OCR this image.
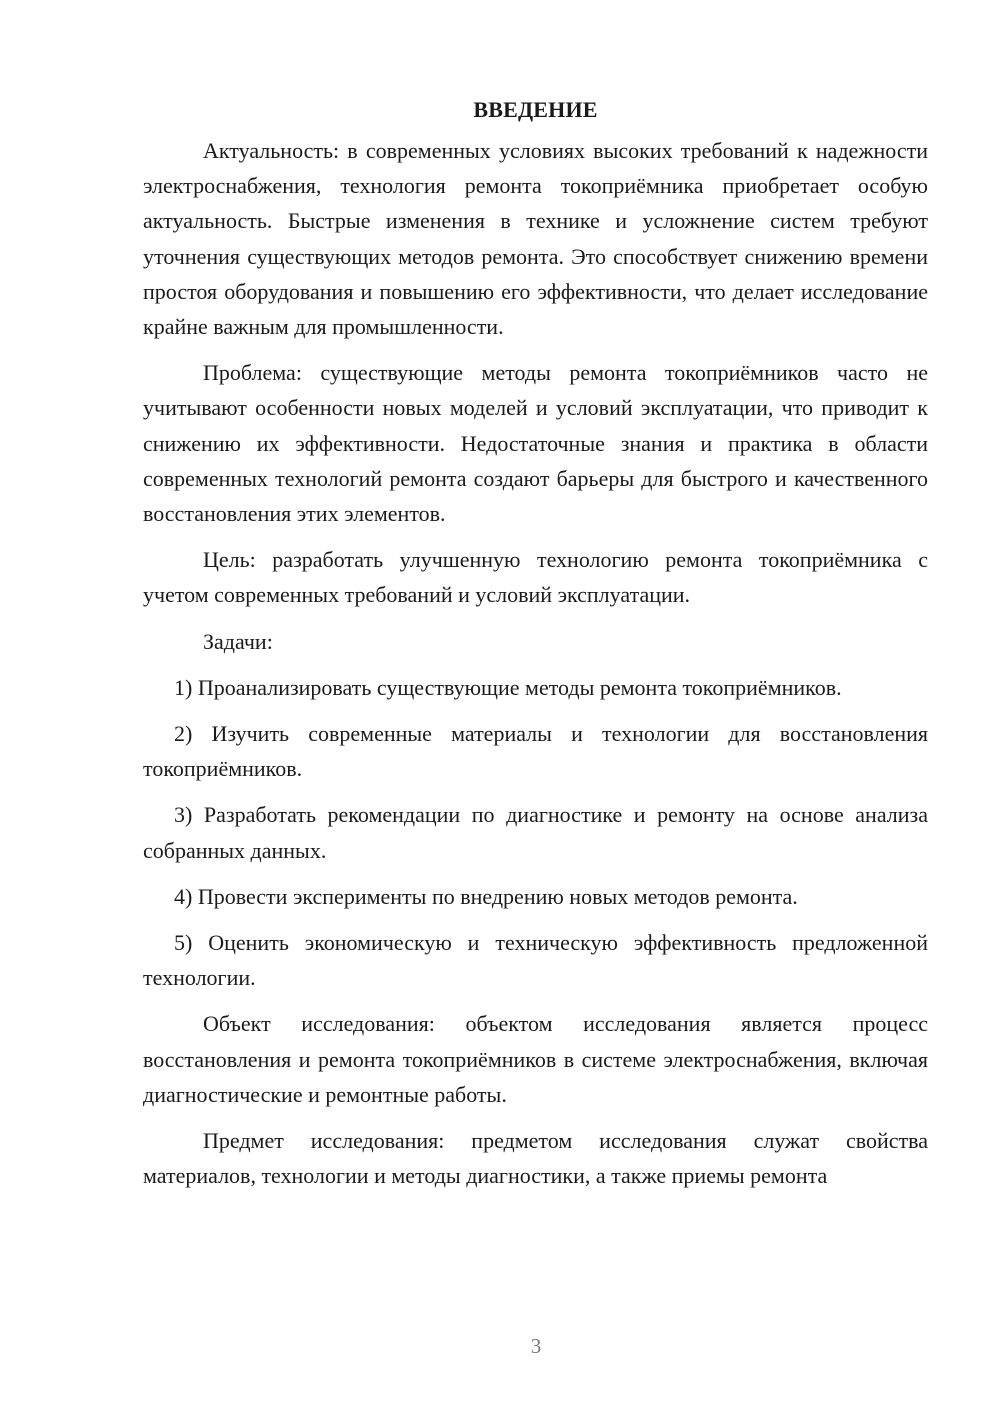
ВВЕДЕНИЕ

Актуальность: в современных условиях высоких требований к надежности электроснабжения, технология ремонта токоприёмника приобретает особую актуальность. Быстрые изменения в технике и усложнение систем требуют уточнения существующих методов ремонта. Это способствует снижению времени простоя оборудования и повышению его эффективности, что делает исследование крайне важным для промышленности.

Проблема: существующие методы ремонта токоприёмников часто не учитывают особенности новых моделей и условий эксплуатации, что приводит к снижению их эффективности. Недостаточные знания и практика в области современных технологий ремонта создают барьеры для быстрого и качественного восстановления этих элементов.

Цель: разработать улучшенную технологию ремонта токоприёмника с учетом современных требований и условий эксплуатации.

Задачи:

1) Проанализировать существующие методы ремонта токоприёмников.

2) Изучить современные материалы и технологии для восстановления токоприёмников.

3) Разработать рекомендации по диагностике и ремонту на основе анализа собранных данных.

4) Провести эксперименты по внедрению новых методов ремонта.

5) Оценить экономическую и техническую эффективность предложенной технологии.

Объект исследования: объектом исследования является процесс восстановления и ремонта токоприёмников в системе электроснабжения, включая диагностические и ремонтные работы.

Предмет исследования: предметом исследования служат свойства материалов, технологии и методы диагностики, а также приемы ремонта

3
